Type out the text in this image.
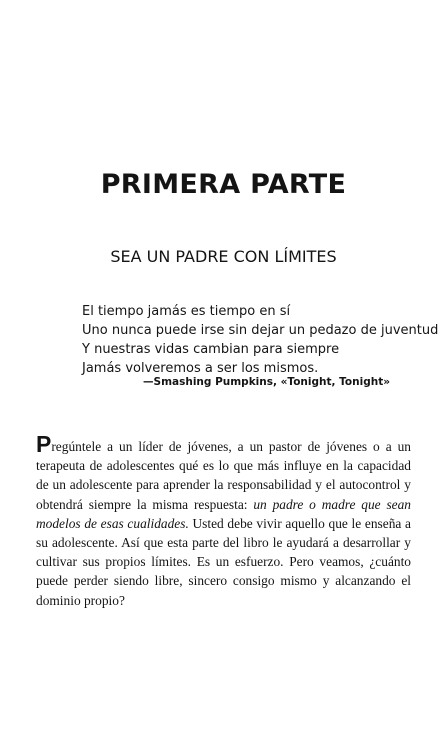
PRIMERA PARTE
SEA UN PADRE CON LÍMITES
El tiempo jamás es tiempo en sí
Uno nunca puede irse sin dejar un pedazo de juventud
Y nuestras vidas cambian para siempre
Jamás volveremos a ser los mismos.
—Smashing Pumpkins, «Tonight, Tonight»

Pregúntele a un líder de jóvenes, a un pastor de jóvenes o a un terapeuta de adolescentes qué es lo que más influye en la capacidad de un adolescente para aprender la responsabilidad y el autocontrol y obtendrá siempre la misma respuesta: un padre o madre que sean modelos de esas cualidades. Usted debe vivir aquello que le enseña a su adolescente. Así que esta parte del libro le ayudará a desarrollar y cultivar sus propios límites. Es un esfuerzo. Pero veamos, ¿cuánto puede perder siendo libre, sincero consigo mismo y alcanzando el dominio propio?
